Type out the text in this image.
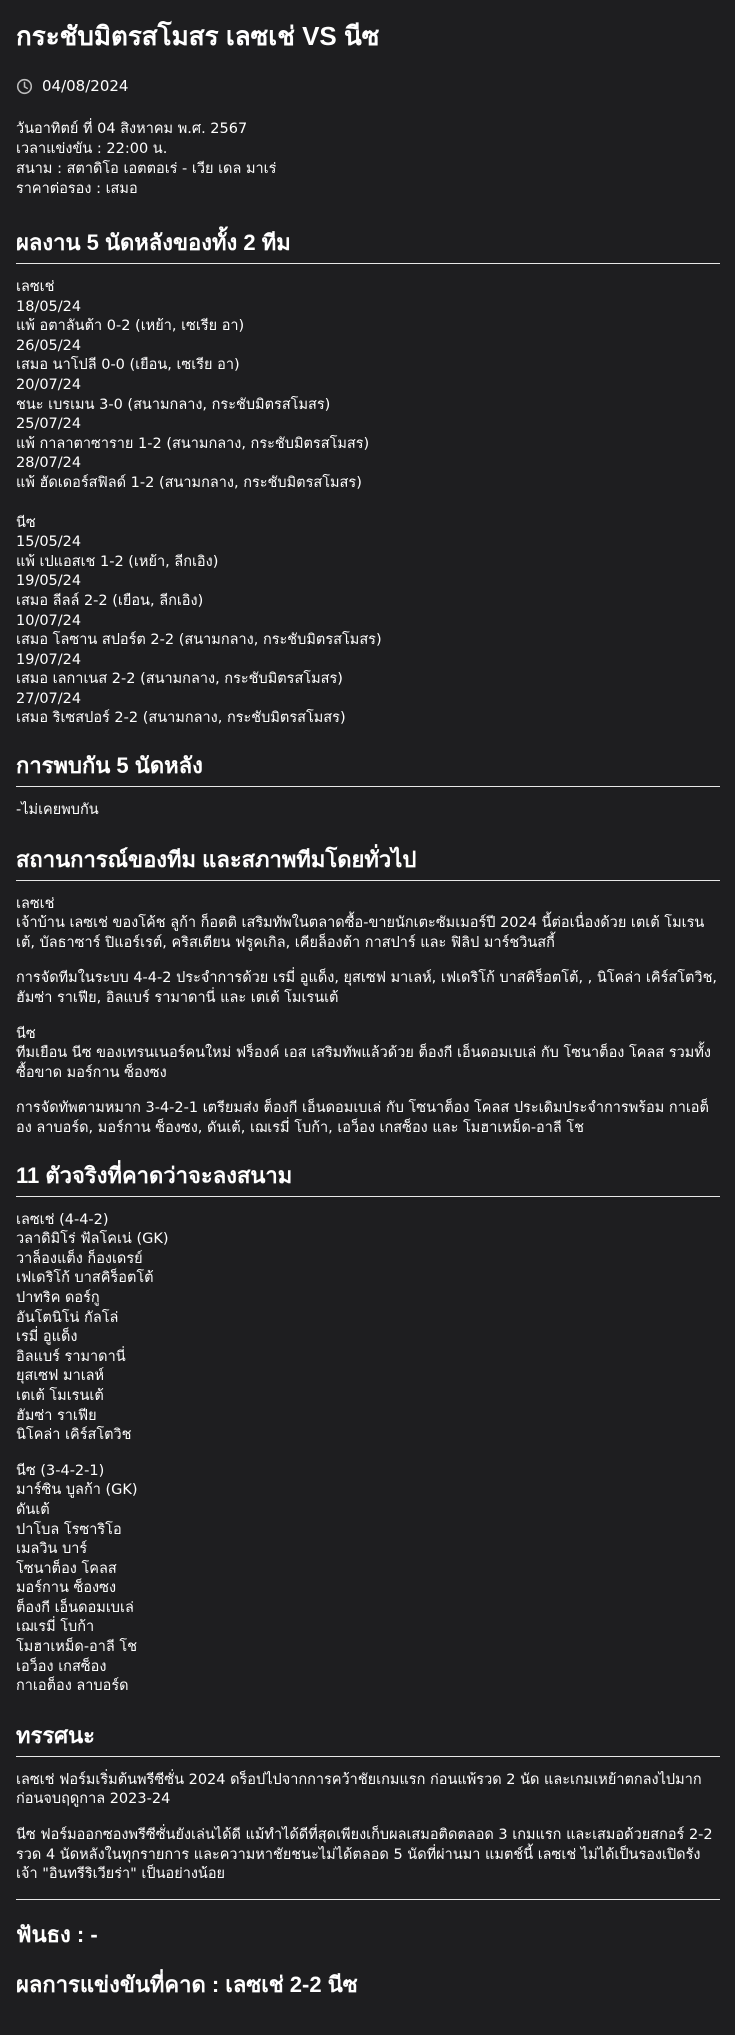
กระชับมิตรสโมสร เลซเช่ VS นีซ
04/08/2024

วันอาทิตย์ ที่ 04 สิงหาคม พ.ศ. 2567

เวลาแข่งขัน : 22:00 น.

สนาม : สตาดิโอ เอตตอเร่ - เวีย เดล มาเร่

ราคาต่อรอง : เสมอ

ผลงาน 5 นัดหลังของทั้ง 2 ทีม

เลซเช่

18/05/24

แพ้ อตาลันต้า 0-2 (เหย้า, เซเรีย อา)

26/05/24

เสมอ นาโปลี 0-0 (เยือน, เซเรีย อา)

20/07/24

ชนะ เบรเมน 3-0 (สนามกลาง, กระชับมิตรสโมสร)

25/07/24

แพ้ กาลาตาซาราย 1-2 (สนามกลาง, กระชับมิตรสโมสร)

28/07/24

แพ้ ฮัดเดอร์สฟิลด์ 1-2 (สนามกลาง, กระชับมิตรสโมสร)

นีซ

15/05/24

แพ้ เปแอสเช 1-2 (เหย้า, ลีกเอิง)

19/05/24

เสมอ ลีลล์ 2-2 (เยือน, ลีกเอิง)

10/07/24

เสมอ โลซาน สปอร์ต 2-2 (สนามกลาง, กระชับมิตรสโมสร)

19/07/24

เสมอ เลกาเนส 2-2 (สนามกลาง, กระชับมิตรสโมสร)

27/07/24

เสมอ ริเซสปอร์ 2-2 (สนามกลาง, กระชับมิตรสโมสร)

การพบกัน 5 นัดหลัง

-ไม่เคยพบกัน

สถานการณ์ของทีม และสภาพทีมโดยทั่วไป

เลซเช่

เจ้าบ้าน เลซเช่ ของโค้ช ลูก้า ก็อตติ เสริมทัพในตลาดซื้อ-ขายนักเตะซัมเมอร์ปี 2024 นี้ต่อเนื่องด้วย เตเต้ โมเรนเต้, บัลธาซาร์ ปิแอร์เรต์, คริสเตียน ฟรูคเกิล, เคียล็องต้า กาสปาร์ และ ฟิลิป มาร์ชวินสกี้

การจัดทีมในระบบ 4-4-2 ประจำการด้วย เรมี่ อูแด็ง, ยุสเซฟ มาเลห์, เฟเดริโก้ บาสคิร็อตโต้, , นิโคล่า เคิร์สโตวิช, ฮัมซ่า ราเฟีย, อิลแบร์ รามาดานี่ และ เตเต้ โมเรนเต้

นีซ

ทีมเยือน นีซ ของเทรนเนอร์คนใหม่ ฟร็องค์ เอส เสริมทัพแล้วด้วย ต็องกี เอ็นดอมเบเล่ กับ โซนาต็อง โคลส รวมทั้งซื้อขาด มอร์กาน ซ็องซง

การจัดทัพตามหมาก 3-4-2-1 เตรียมส่ง ต็องกี เอ็นดอมเบเล่ กับ โซนาต็อง โคลส ประเดิมประจำการพร้อม กาเอต็อง ลาบอร์ด, มอร์กาน ซ็องซง, ดันเต้, เฌเรมี่ โบก้า, เอว็อง เกสซ็อง และ โมฮาเหม็ด-อาลี โช

11 ตัวจริงที่คาดว่าจะลงสนาม

เลซเช่ (4-4-2)

วลาดิมิโร่ ฟัลโคเน่ (GK)

วาล็องแต็ง ก็องเดรย์

เฟเดริโก้ บาสคิร็อตโต้

ปาทริค ดอร์กู

อันโตนิโน่ กัลโล่

เรมี่ อูแด็ง

อิลแบร์ รามาดานี่

ยุสเซฟ มาเลห์

เตเต้ โมเรนเต้

ฮัมซ่า ราเฟีย

นิโคล่า เคิร์สโตวิช

นีซ (3-4-2-1)

มาร์ซิน บูลก้า (GK)

ดันเต้

ปาโบล โรซาริโอ

เมลวิน บาร์

โซนาต็อง โคลส

มอร์กาน ซ็องซง

ต็องกี เอ็นดอมเบเล่

เฌเรมี่ โบก้า

โมฮาเหม็ด-อาลี โช

เอว็อง เกสซ็อง

กาเอต็อง ลาบอร์ด

ทรรศนะ

เลซเช่ ฟอร์มเริ่มต้นพรีซีซั่น 2024 ดร็อปไปจากการคว้าชัยเกมแรก ก่อนแพ้รวด 2 นัด และเกมเหย้าตกลงไปมากก่อนจบฤดูกาล 2023-24

นีซ ฟอร์มออกซองพรีซีซั่นยังเล่นได้ดี แม้ทำได้ดีที่สุดเพียงเก็บผลเสมอติดตลอด 3 เกมแรก และเสมอด้วยสกอร์ 2-2 รวด 4 นัดหลังในทุกรายการ และความหาชัยชนะไม่ได้ตลอด 5 นัดที่ผ่านมา แมตช์นี้ เลซเช่ ไม่ได้เป็นรองเปิดรังเจ้า "อินทรีริเวียร่า" เป็นอย่างน้อย

ฟันธง : -
ผลการแข่งขันที่คาด : เลซเช่ 2-2 นีซ
